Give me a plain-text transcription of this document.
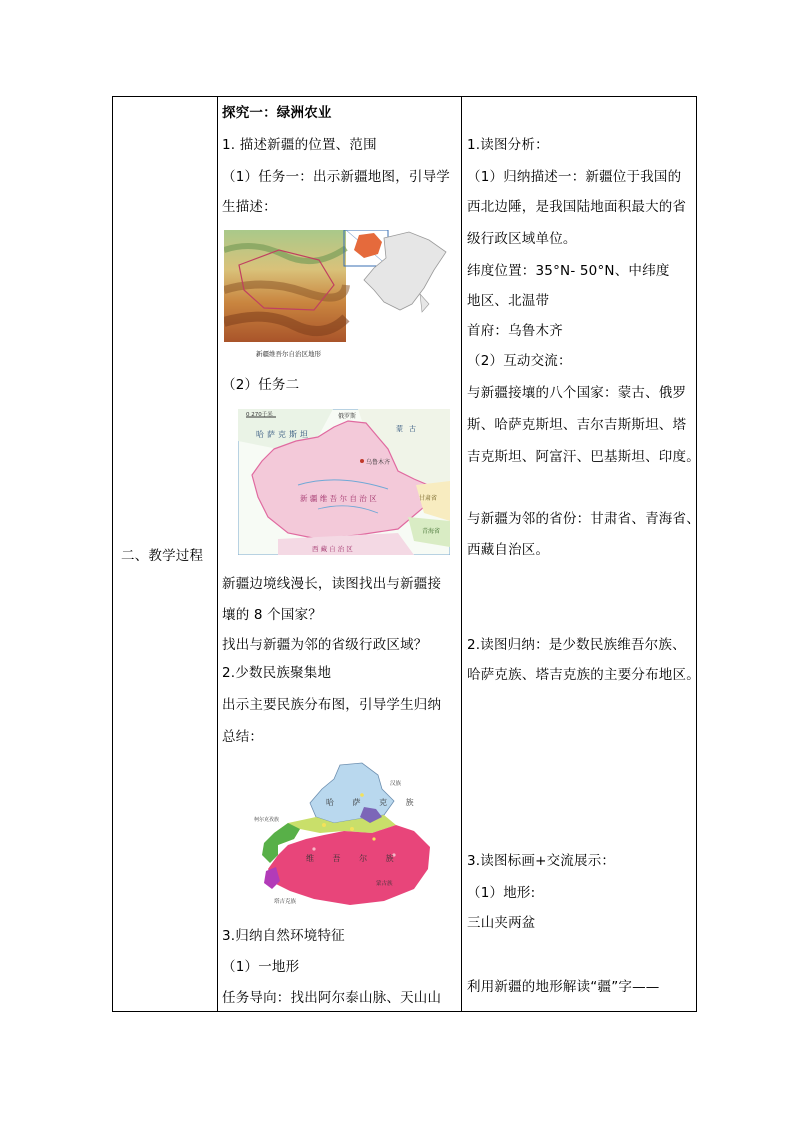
二、教学过程
探究一：绿洲农业
1. 描述新疆的位置、范围
（1）任务一：出示新疆地图，引导学
生描述：
新疆维吾尔自治区地形
（2）任务二
0 270千米	俄罗斯
哈萨克斯坦
蒙古
乌鲁木齐
新 疆 维 吾 尔 自 治 区	甘肃省
青海省
西 藏 自 治 区
新疆边境线漫长，读图找出与新疆接
壤的 8 个国家？
找出与新疆为邻的省级行政区域？
2.少数民族聚集地
出示主要民族分布图，引导学生归纳
总结：
汉族
哈 萨 克 族
柯尔克孜族
维 吾 尔 族
蒙古族
塔吉克族
3.归纳自然环境特征
（1）一地形
任务导向：找出阿尔泰山脉、天山山
1.读图分析：
（1）归纳描述一：新疆位于我国的
西北边陲，是我国陆地面积最大的省
级行政区域单位。
纬度位置：35°N- 50°N、中纬度
地区、北温带
首府：乌鲁木齐
（2）互动交流：
与新疆接壤的八个国家：蒙古、俄罗
斯、哈萨克斯坦、吉尔吉斯斯坦、塔
吉克斯坦、阿富汗、巴基斯坦、印度。
与新疆为邻的省份：甘肃省、青海省、
西藏自治区。
2.读图归纳：是少数民族维吾尔族、
哈萨克族、塔吉克族的主要分布地区。
3.读图标画+交流展示：
（1）地形:
三山夹两盆
利用新疆的地形解读“疆”字——
